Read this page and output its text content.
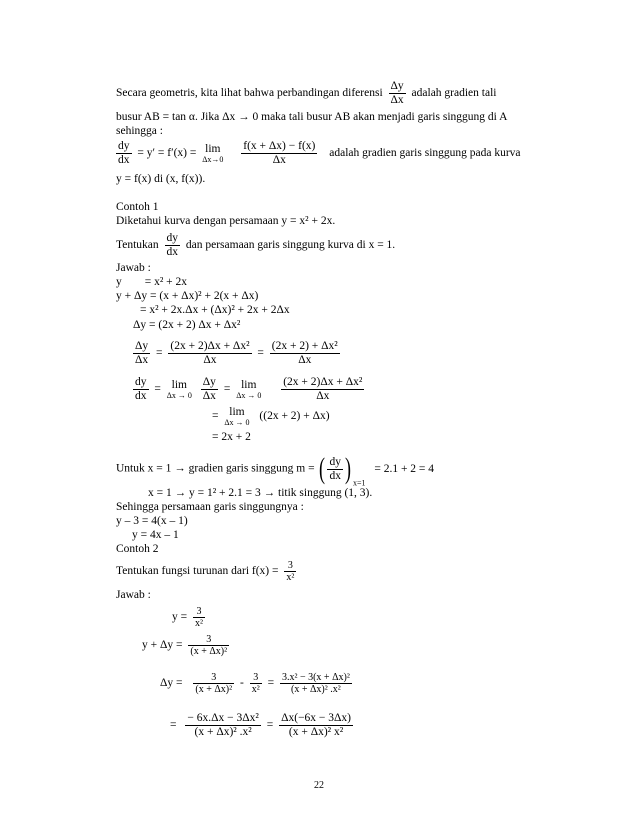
Secara geometris, kita lihat bahwa perbandingan diferensi $\frac{\Delta y}{\Delta x}$ adalah gradien tali
busur AB = tan α. Jika Δx → 0 maka tali busur AB akan menjadi garis singgung di A
sehingga :
$\frac{dy}{dx} = y' = f'(x) = \lim$
Δx→0
$\frac{f(x + \Delta x) - f(x)}{\Delta x}$ adalah gradien garis singgung pada kurva
y = f(x) di (x, f(x)).
Contoh 1
Diketahui kurva dengan persamaan y = x² + 2x.
Tentukan $\frac{dy}{dx}$ dan persamaan garis singgung kurva di x = 1.
Jawab :
y        = x² + 2x
y + Δy = (x + Δx)² + 2(x + Δx)
= x² + 2x.Δx + (Δx)² + 2x + 2Δx
Δy = (2x + 2) Δx + Δx²
$\frac{\Delta y}{\Delta x} = \frac{\text{(2x + 2)Δx + Δx²}}{\Delta x} = \frac{\text{(2x + 2) + Δx²}}{\Delta x}$
$\frac{dy}{dx} = \lim$
Δx → 0
$\frac{\Delta y}{\Delta x} = \lim$
Δx → 0
$\frac{\text{(2x + 2)Δx + Δx²}}{\Delta x}$
= lim
Δx → 0
((2x + 2) + Δx)
= 2x + 2
Untuk x = 1 → gradien garis singgung m = ( $\frac{dy}{dx}$ ) $_{x=1}$ = 2.1 + 2 = 4
x = 1 → y = 1² + 2.1 = 3 → titik singgung (1, 3).
Sehingga persamaan garis singgungnya :
y – 3 = 4(x – 1)
y = 4x – 1
Contoh 2
Tentukan fungsi turunan dari $f(x) = \frac{3}{\text{x²}}$
Jawab :
$y = \frac{3}{\text{x²}}$
$y + \Delta y = \frac{3}{\text{(x + Δx)²}}$
$\Delta y = \frac{3}{\text{(x + Δx)²}} - \frac{3}{\text{x²}} = \frac{\text{3.x² − 3(x + Δx)²}}{\text{(x + Δx)² .x²}}$
= $\frac{\text{− 6x.Δx − 3Δx²}}{\text{(x + Δx)² .x²}} = \frac{\Delta x(-6x - 3\Delta x)}{\text{(x + Δx)² x²}}$
22
